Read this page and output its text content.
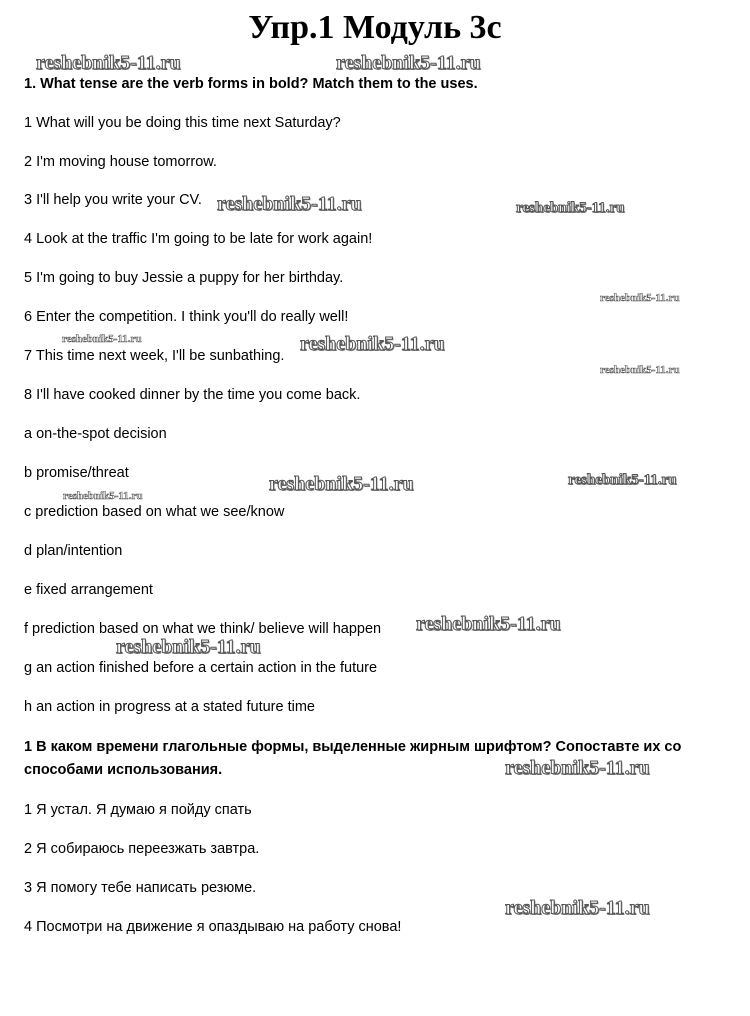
Упр.1 Модуль 3с
1. What tense are the verb forms in bold? Match them to the uses.
1 What will you be doing this time next Saturday?
2 I'm moving house tomorrow.
3 I'll help you write your CV.
4 Look at the traffic I'm going to be late for work again!
5 I'm going to buy Jessie a puppy for her birthday.
6 Enter the competition. I think you'll do really well!
7 This time next week, I'll be sunbathing.
8 I'll have cooked dinner by the time you come back.
a on-the-spot decision
b promise/threat
c prediction based on what we see/know
d plan/intention
e fixed arrangement
f prediction based on what we think/ believe will happen
g an action finished before a certain action in the future
h an action in progress at a stated future time
1 В каком времени глагольные формы, выделенные жирным шрифтом? Сопоставте их со
способами использования.
1 Я устал. Я думаю я пойду спать
2 Я собираюсь переезжать завтра.
3 Я помогу тебе написать резюме.
4 Посмотри на движение я опаздываю на работу снова!
reshebnik5-11.ru	reshebnik5-11.ru
reshebnik5-11.ru	reshebnik5-11.ru
reshebnik5-11.ru
reshebnik5-11.ru	reshebnik5-11.ru
reshebnik5-11.ru
reshebnik5-11.ru	reshebnik5-11.ru
reshebnik5-11.ru
reshebnik5-11.ru
reshebnik5-11.ru
reshebnik5-11.ru
reshebnik5-11.ru
